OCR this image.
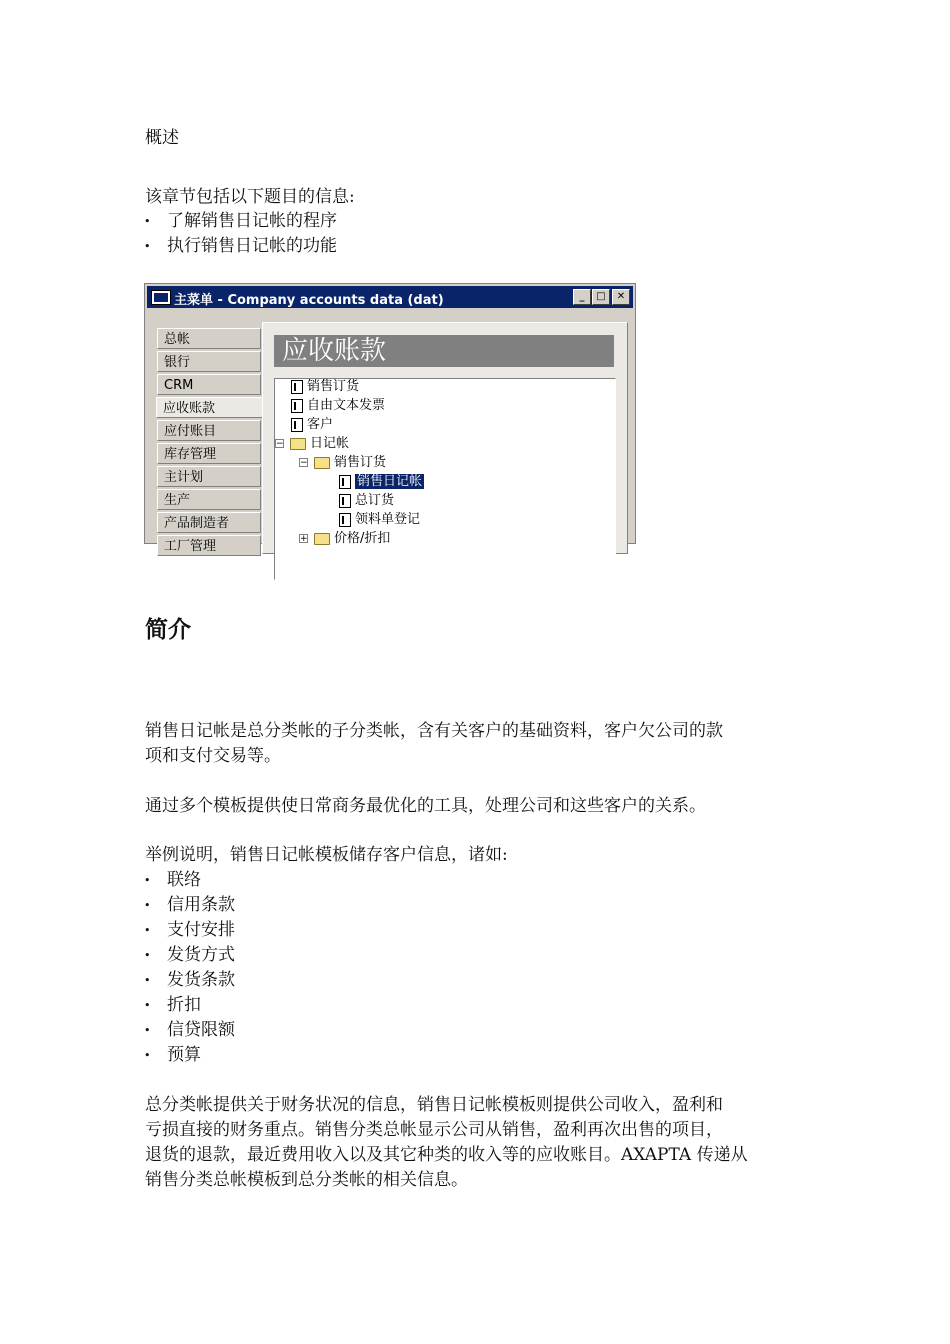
概述
该章节包括以下题目的信息:
了解销售日记帐的程序
执行销售日记帐的功能
简介
销售日记帐是总分类帐的子分类帐，含有关客户的基础资料，客户欠公司的款
项和支付交易等。
通过多个模板提供使日常商务最优化的工具，处理公司和这些客户的关系。
举例说明，销售日记帐模板储存客户信息，诸如:
联络
信用条款
支付安排
发货方式
发货条款
折扣
信贷限额
预算
总分类帐提供关于财务状况的信息，销售日记帐模板则提供公司收入，盈利和
亏损直接的财务重点。销售分类总帐显示公司从销售，盈利再次出售的项目，
退货的退款，最近费用收入以及其它种类的收入等的应收账目。AXAPTA 传递从
销售分类总帐模板到总分类帐的相关信息。
主菜单 - Company accounts data (dat)	_	□	✕
总帐
银行
CRM
应收账款
应付账目
库存管理
主计划
生产
产品制造者
工厂管理
应收账款
销售订货
自由文本发票
客户
− 日记帐
− 销售订货
销售日记帐
总订货
领料单登记
+ 价格/折扣
